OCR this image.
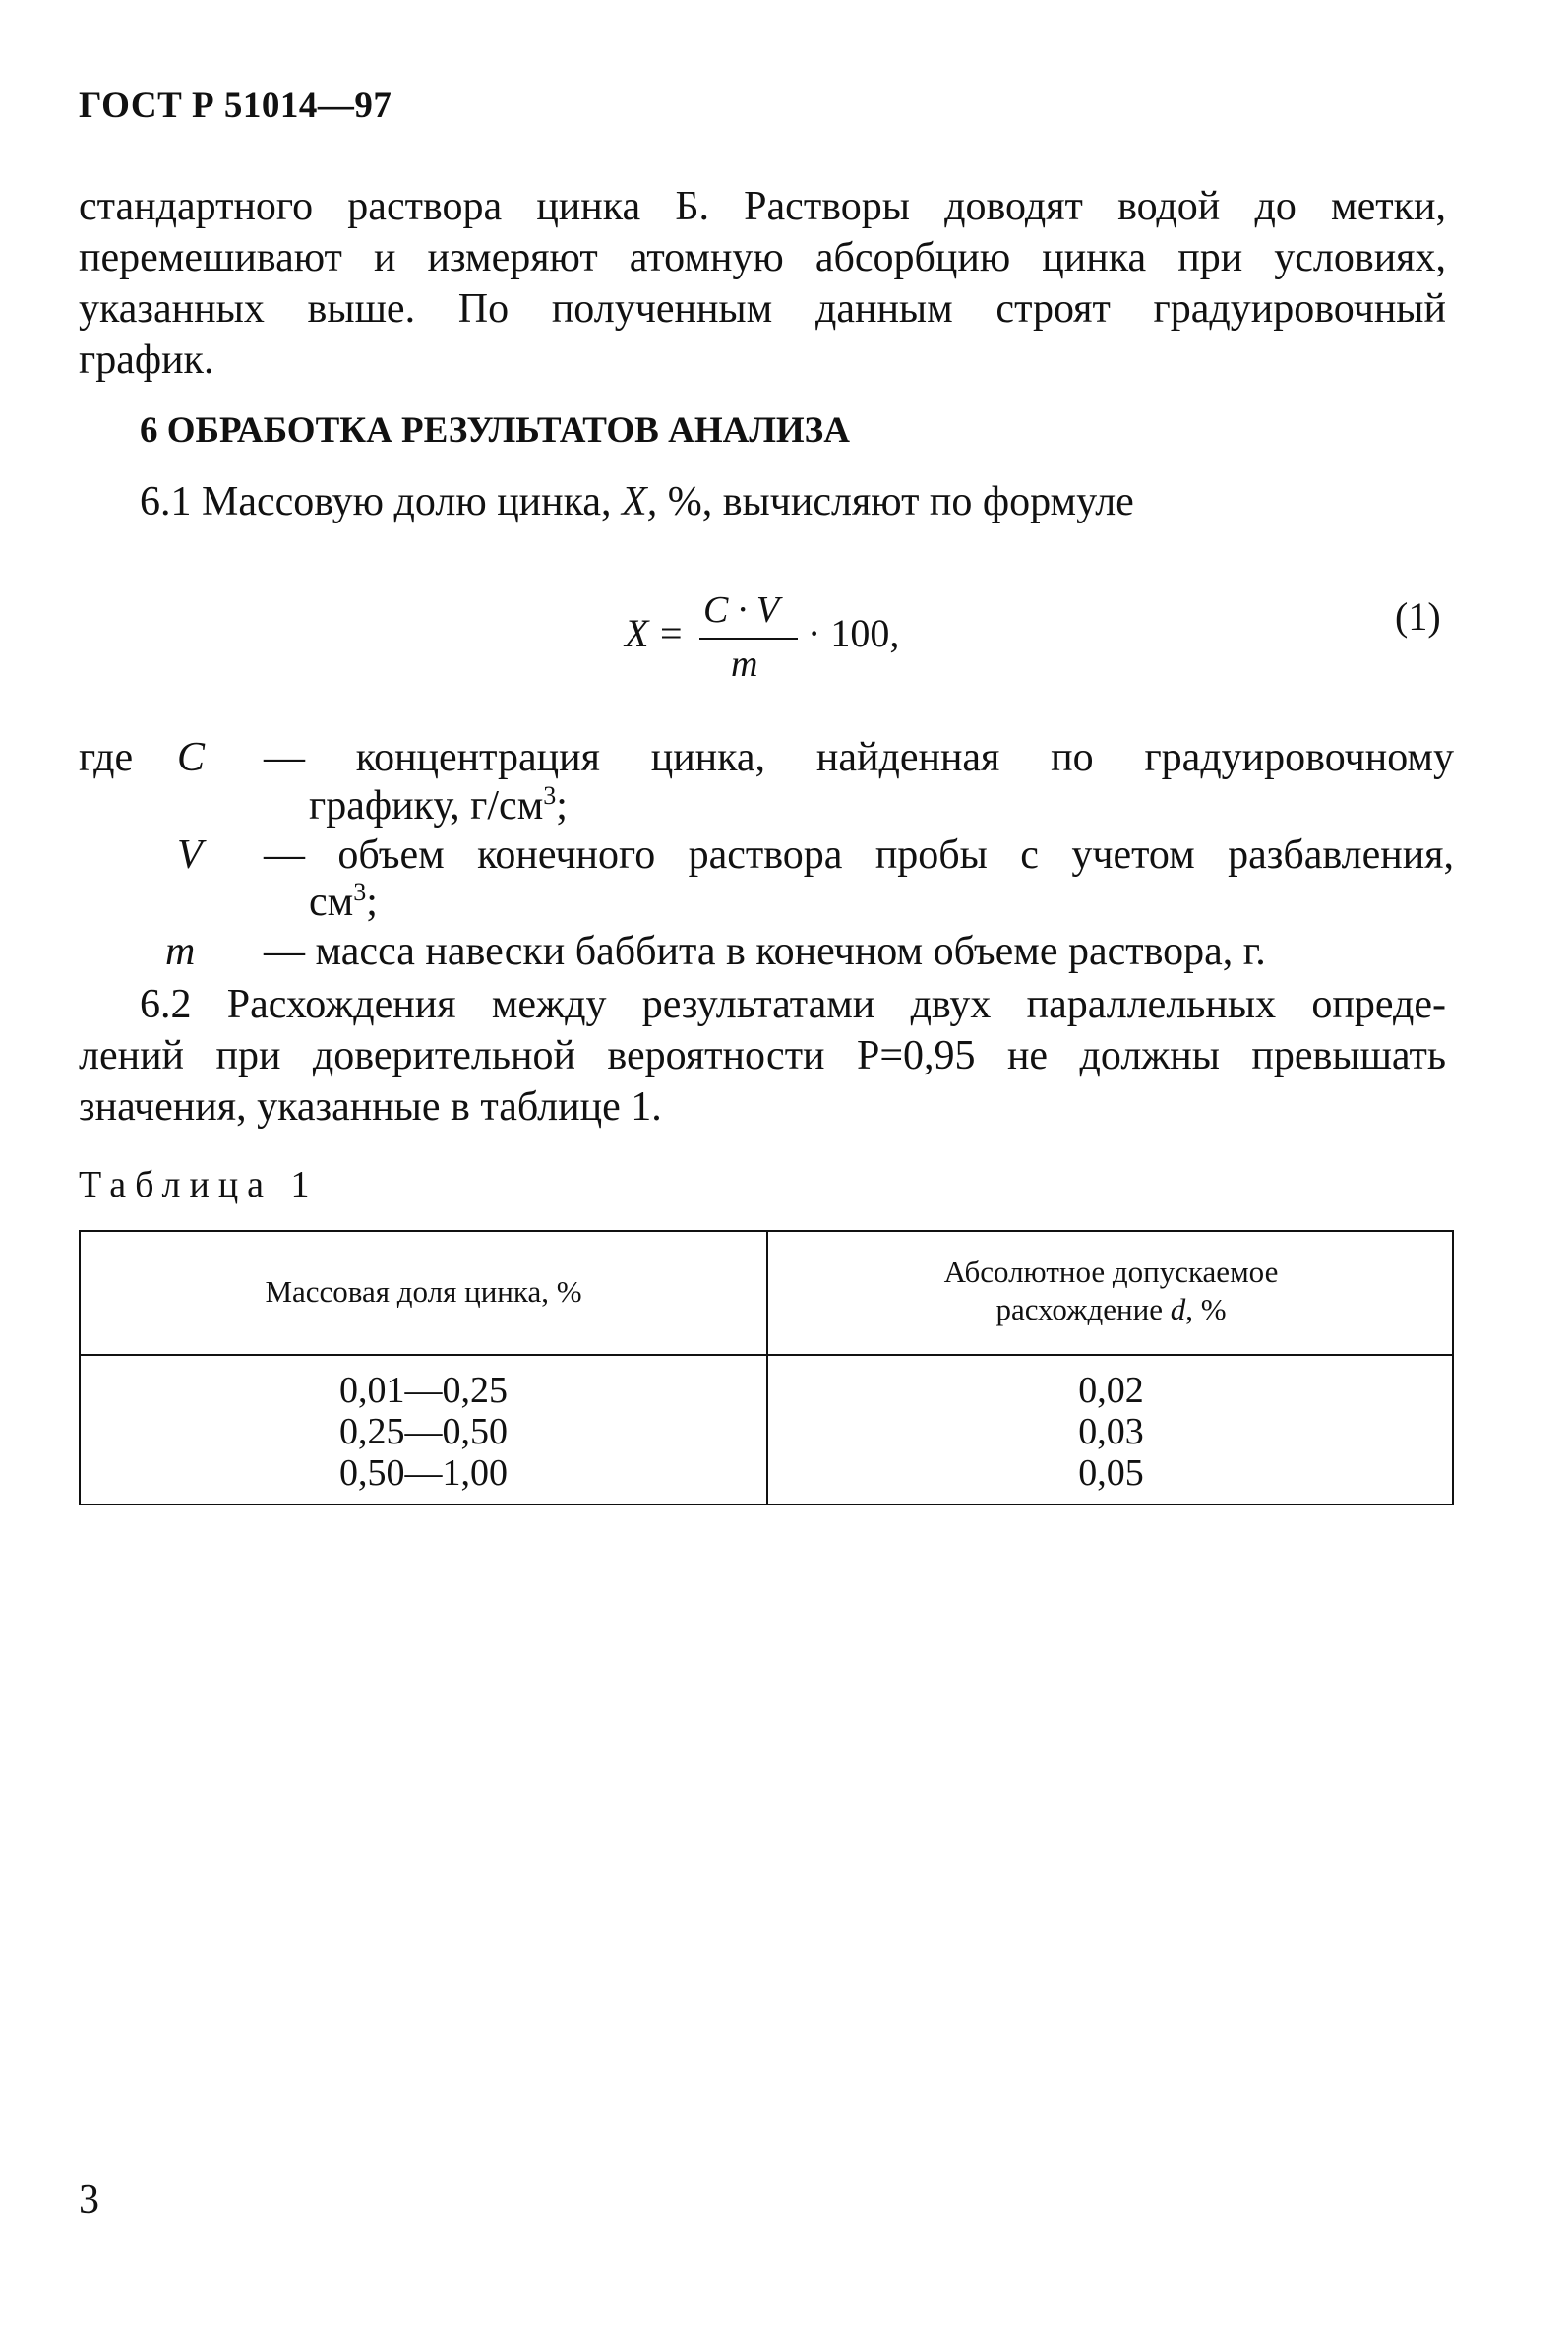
ГОСТ Р 51014—97
стандартного раствора цинка Б. Растворы доводят водой до метки,
перемешивают и измеряют атомную абсорбцию цинка при условиях,
указанных выше. По полученным данным строят градуировочный
график.
6 ОБРАБОТКА РЕЗУЛЬТАТОВ АНАЛИЗА
6.1 Массовую долю цинка, X, %, вычисляют по формуле
X =
C · V
m
· 100,	(1)
где C — концентрация цинка, найденная по градуировочному
графику, $г/см^3$;
V — объем конечного раствора пробы с учетом разбавления,
$см^3$;
m — масса навески баббита в конечном объеме раствора, г.
6.2 Расхождения между результатами двух параллельных опреде-
лений при доверительной вероятности P=0,95 не должны превышать
значения, указанные в таблице 1.
Таблица 1
Массовая доля цинка, %
Абсолютное допускаемое
расхождение d, %
0,01—0,25
0,25—0,50
0,50—1,00
0,02
0,03
0,05
3
